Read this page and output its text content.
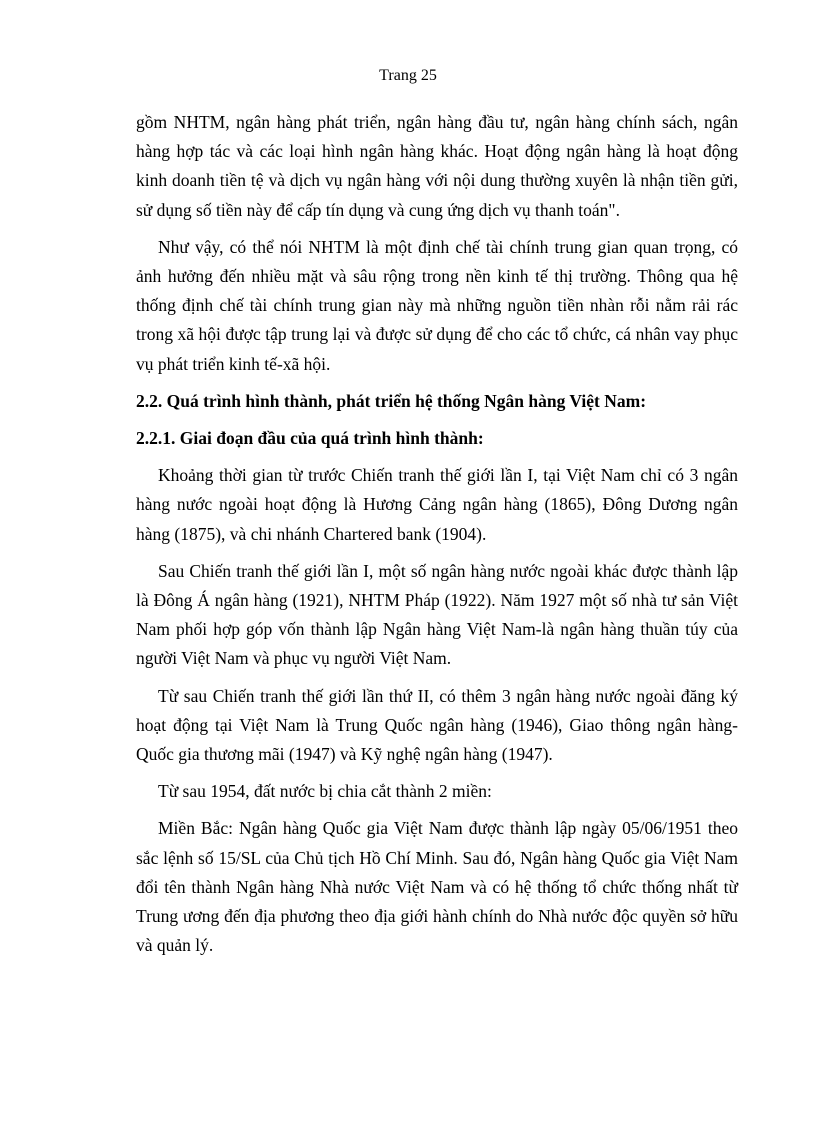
Trang 25

gồm NHTM, ngân hàng phát triển, ngân hàng đầu tư, ngân hàng chính sách, ngân hàng hợp tác và các loại hình ngân hàng khác. Hoạt động ngân hàng là hoạt động kinh doanh tiền tệ và dịch vụ ngân hàng với nội dung thường xuyên là nhận tiền gửi, sử dụng số tiền này để cấp tín dụng và cung ứng dịch vụ thanh toán".

Như vậy, có thể nói NHTM là một định chế tài chính trung gian quan trọng, có ảnh hưởng đến nhiều mặt và sâu rộng trong nền kinh tế thị trường. Thông qua hệ thống định chế tài chính trung gian này mà những nguồn tiền nhàn rỗi nằm rải rác trong xã hội được tập trung lại và được sử dụng để cho các tổ chức, cá nhân vay phục vụ phát triển kinh tế-xã hội.

2.2. Quá trình hình thành, phát triển hệ thống Ngân hàng Việt Nam:

2.2.1. Giai đoạn đầu của quá trình hình thành:

Khoảng thời gian từ trước Chiến tranh thế giới lần I, tại Việt Nam chỉ có 3 ngân hàng nước ngoài hoạt động là Hương Cảng ngân hàng (1865), Đông Dương ngân hàng (1875), và chi nhánh Chartered bank (1904).

Sau Chiến tranh thế giới lần I, một số ngân hàng nước ngoài khác được thành lập là Đông Á ngân hàng (1921), NHTM Pháp (1922). Năm 1927 một số nhà tư sản Việt Nam phối hợp góp vốn thành lập Ngân hàng Việt Nam-là ngân hàng thuần túy của người Việt Nam và phục vụ người Việt Nam.

Từ sau Chiến tranh thế giới lần thứ II, có thêm 3 ngân hàng nước ngoài đăng ký hoạt động tại Việt Nam là Trung Quốc ngân hàng (1946), Giao thông ngân hàng-Quốc gia thương mãi (1947) và Kỹ nghệ ngân hàng (1947).

Từ sau 1954, đất nước bị chia cắt thành 2 miền:

Miền Bắc: Ngân hàng Quốc gia Việt Nam được thành lập ngày 05/06/1951 theo sắc lệnh số 15/SL của Chủ tịch Hồ Chí Minh. Sau đó, Ngân hàng Quốc gia Việt Nam đổi tên thành Ngân hàng Nhà nước Việt Nam và có hệ thống tổ chức thống nhất từ Trung ương đến địa phương theo địa giới hành chính do Nhà nước độc quyền sở hữu và quản lý.
